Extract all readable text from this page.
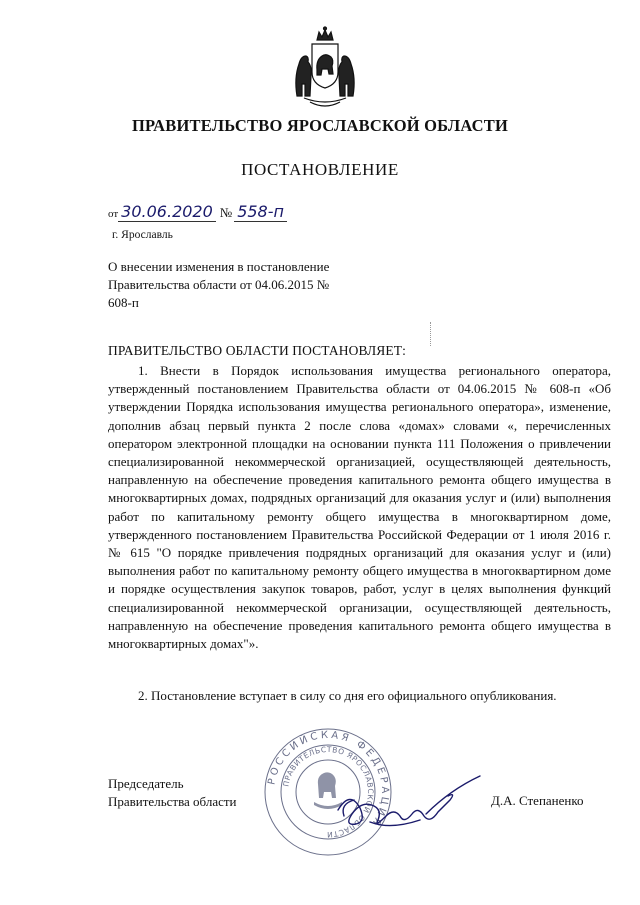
ПРАВИТЕЛЬСТВО ЯРОСЛАВСКОЙ ОБЛАСТИ
ПОСТАНОВЛЕНИЕ
от 30.06.2020 № 558-п
г. Ярославль
О внесении изменения в постановление Правительства области от 04.06.2015 № 608-п
ПРАВИТЕЛЬСТВО ОБЛАСТИ ПОСТАНОВЛЯЕТ:
1. Внести в Порядок использования имущества регионального оператора, утвержденный постановлением Правительства области от 04.06.2015 № 608-п «Об утверждении Порядка использования имущества регионального оператора», изменение, дополнив абзац первый пункта 2 после слова «домах» словами «, перечисленных оператором электронной площадки на основании пункта 111 Положения о привлечении специализированной некоммерческой организацией, осуществляющей деятельность, направленную на обеспечение проведения капитального ремонта общего имущества в многоквартирных домах, подрядных организаций для оказания услуг и (или) выполнения работ по капитальному ремонту общего имущества в многоквартирном доме, утвержденного постановлением Правительства Российской Федерации от 1 июля 2016 г. № 615 "О порядке привлечения подрядных организаций для оказания услуг и (или) выполнения работ по капитальному ремонту общего имущества в многоквартирном доме и порядке осуществления закупок товаров, работ, услуг в целях выполнения функций специализированной некоммерческой организации, осуществляющей деятельность, направленную на обеспечение проведения капитального ремонта общего имущества в многоквартирных домах"».
2. Постановление вступает в силу со дня его официального опубликования.
Председатель
Правительства области
РОССИЙСКАЯ ФЕДЕРАЦИЯ
ПРАВИТЕЛЬСТВО ЯРОСЛАВСКОЙ ОБЛАСТИ
Д.А. Степаненко
